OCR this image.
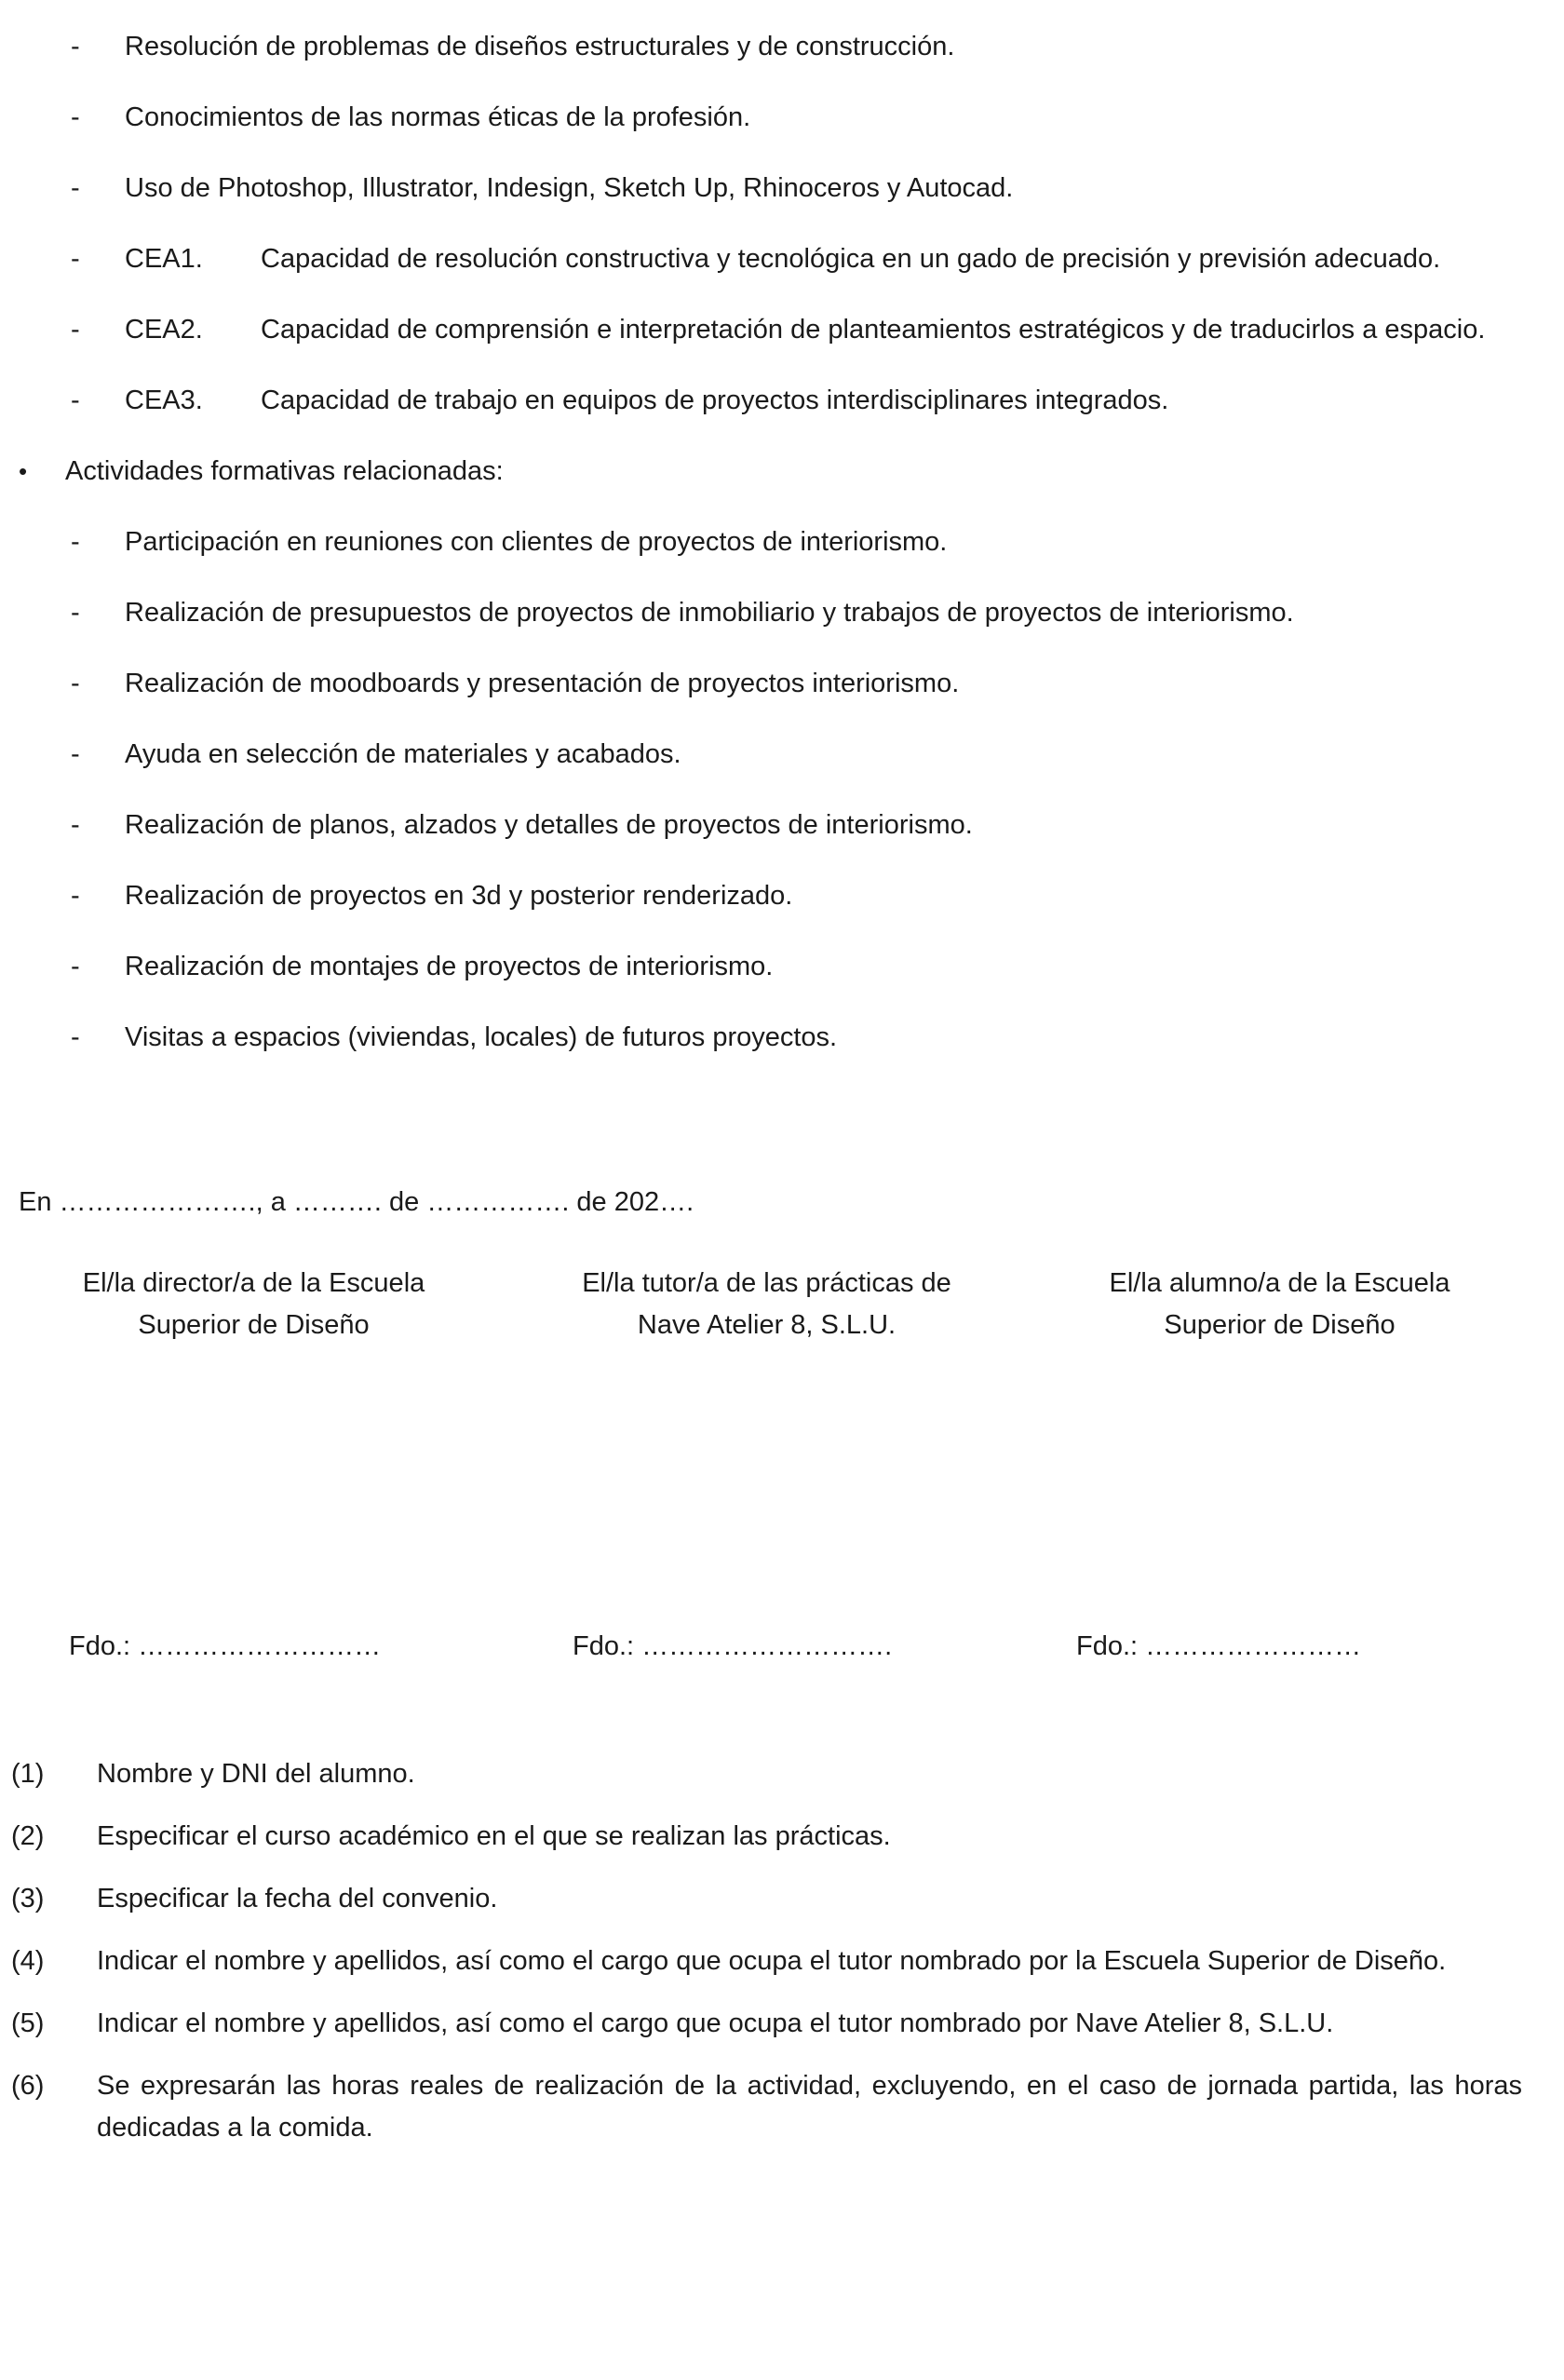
-	Resolución de problemas de diseños estructurales y de construcción.
-	Conocimientos de las normas éticas de la profesión.
-	Uso de Photoshop, Illustrator, Indesign, Sketch Up, Rhinoceros y Autocad.
-	CEA1.	Capacidad de resolución constructiva y tecnológica en un gado de precisión y previsión adecuado.
-	CEA2.	Capacidad de comprensión e interpretación de planteamientos estratégicos y de traducirlos a espacio.
-	CEA3.	Capacidad de trabajo en equipos de proyectos interdisciplinares integrados.
•	Actividades formativas relacionadas:
-	Participación en reuniones con clientes de proyectos de interiorismo.
-	Realización de presupuestos de proyectos de inmobiliario y trabajos de proyectos de interiorismo.
-	Realización de moodboards y presentación de proyectos interiorismo.
-	Ayuda en selección de materiales y acabados.
-	Realización de planos, alzados y detalles de proyectos de interiorismo.
-	Realización de proyectos en 3d y posterior renderizado.
-	Realización de montajes de proyectos de interiorismo.
-	Visitas a espacios (viviendas, locales) de futuros proyectos.

En …………………., a ………. de ……………. de 202….

El/la director/a de la Escuela
Superior de Diseño
El/la tutor/a de las prácticas de
Nave Atelier 8, S.L.U.
El/la alumno/a de la Escuela
Superior de Diseño
Fdo.: ………………………	Fdo.: ……………………….	Fdo.: ……………………
(1)	Nombre y DNI del alumno.
(2)	Especificar el curso académico en el que se realizan las prácticas.
(3)	Especificar la fecha del convenio.
(4)	Indicar el nombre y apellidos, así como el cargo que ocupa el tutor nombrado por la Escuela Superior de Diseño.
(5)	Indicar el nombre y apellidos, así como el cargo que ocupa el tutor nombrado por Nave Atelier 8, S.L.U.
(6)	Se expresarán las horas reales de realización de la actividad, excluyendo, en el caso de jornada partida, las horas dedicadas a la comida.
